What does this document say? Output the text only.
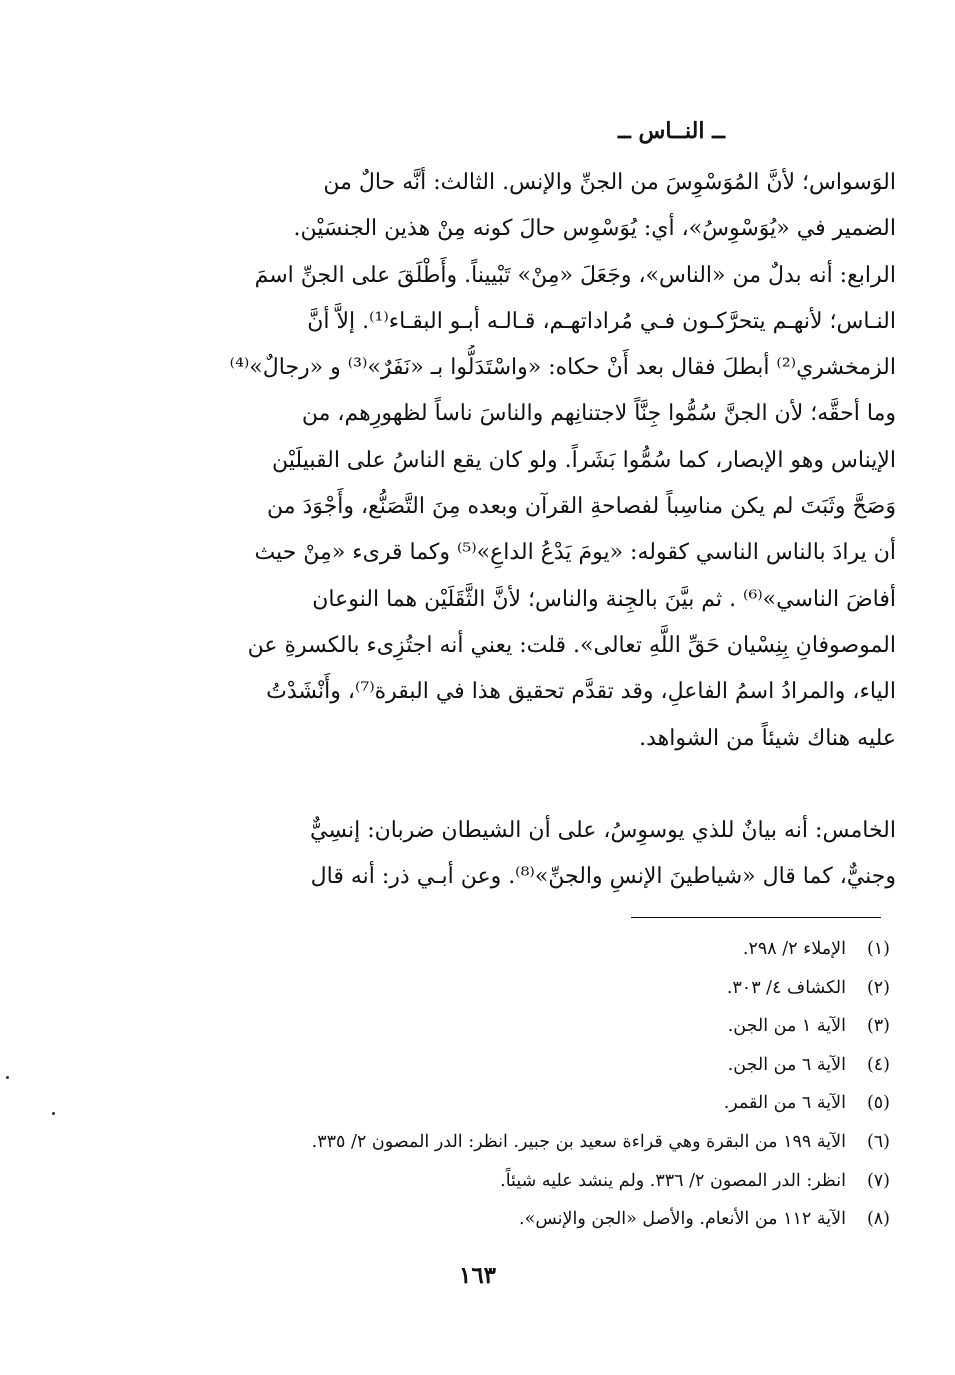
ــ النــاس ــ
الوَسواس؛ لأنَّ المُوَسْوِسَ من الجنِّ والإنس. الثالث: أنَّه حالٌ من
الضمير في «يُوَسْوِسُ»، أي: يُوَسْوِس حالَ كونه مِنْ هذين الجنسَيْن.
الرابع: أنه بدلٌ من «الناس»، وجَعَلَ «مِنْ» تَبْييناً. وأَطْلَقَ على الجنِّ اسمَ
النـاس؛ لأنهـم يتحرَّكـون فـي مُراداتهـم، قـالـه أبـو البقـاء⁽¹⁾. إلاَّ أنَّ
الزمخشري⁽²⁾ أبطلَ فقال بعد أَنْ حكاه: «واسْتَدَلُّوا بـ «نَفَرٌ»⁽³⁾ و «رجالٌ»⁽⁴⁾
وما أحقَّه؛ لأن الجنَّ سُمُّوا جِنَّاً لاجتنانِهم والناسَ ناساً لظهورِهم، من
الإيناس وهو الإبصار، كما سُمُّوا بَشَراً. ولو كان يقع الناسُ على القبيلَيْن
وَصَحَّ وثَبَتَ لم يكن مناسِباً لفصاحةِ القرآن وبعده مِنَ التَّصَنُّع، وأَجْوَدَ من
أن يرادَ بالناس الناسي كقوله: «يومَ يَدْعُ الداعِ»⁽⁵⁾ وكما قرىء «مِنْ حيث
أفاضَ الناسي»⁽⁶⁾ . ثم بيَّنَ بالجِنة والناس؛ لأنَّ الثَّقَلَيْن هما النوعان
الموصوفانِ بِنِسْيان حَقِّ اللَّهِ تعالى». قلت: يعني أنه اجتُزِىء بالكسرةِ عن
الياء، والمرادُ اسمُ الفاعلِ، وقد تقدَّم تحقيق هذا في البقرة⁽⁷⁾، وأَنْشَدْتُ
عليه هناك شيئاً من الشواهد.
الخامس: أنه بيانٌ للذي يوسوِسُ، على أن الشيطان ضربان: إنسِيٌّ
وجنيٌّ، كما قال «شياطينَ الإنسِ والجنِّ»⁽⁸⁾. وعن أبـي ذر: أنه قال
(١)الإملاء ٢/ ٢٩٨.
(٢)الكشاف ٤/ ٣٠٣.
(٣)الآية ١ من الجن.
(٤)الآية ٦ من الجن.
(٥)الآية ٦ من القمر.
(٦)الآية ١٩٩ من البقرة وهي قراءة سعيد بن جبير. انظر: الدر المصون ٢/ ٣٣٥.
(٧)انظر: الدر المصون ٢/ ٣٣٦. ولم ينشد عليه شيئاً.
(٨)الآية ١١٢ من الأنعام. والأصل «الجن والإنس».
١٦٣
